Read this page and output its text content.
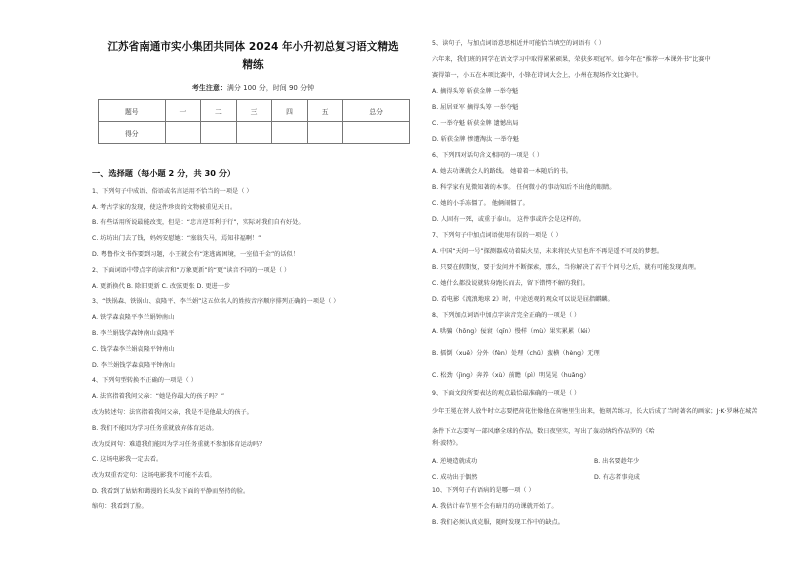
江苏省南通市实小集团共同体 2024 年小升初总复习语文精选
精练
考生注意：满分 100 分，时间 90 分钟
题号	一	二	三	四	五	总分
得分						
一、选择题（每小题 2 分，共 30 分）
1、下列句子中成语、俗语或名言运用不恰当的一项是（ ）
A. 考古学家的发现，使这件珍贵的文物被重见天日。
B. 有些话用所说最能改变，但是：“忠言逆耳利于行”，实际对我们自有好处。
C. 坊坊出门去了钱，妈妈安慰她：“塞翁失马，焉知非福啊！”
D. 粤鲁作文书作要到习题，小王就会有“迷逃离困境，一室值千金”的话似！
2、下面词语中带点字的读音和“万象更新”的“更”读音不同的一项是（ ）
A. 更新换代 B. 除旧更新 C. 改弦更张 D. 更进一步
3、“铁锅森、铁锅山、袁隆平、李兰娟”这五位名人的姓按音序顺序排列正确的一项是（ ）
A. 铁学森袁隆平李兰娟钟南山
B. 李兰娟钱学森钟南山袁隆平
C. 钱学森李兰娟袁隆平钟南山
D. 李兰娟钱学森袁隆平钟南山
4、下列句型转换不正确的一项是（ ）
A. 法官指着我问父亲：“她是你最大的孩子吗？”
改为转述句：法官指着我问父亲，我是不是他最大的孩子。
B. 我们不能因为学习任务重就放弃体育运动。
改为反问句：难道我们能因为学习任务重就不参加体育运动吗？
C. 这场电影我一定去看。
改为双重否定句：这场电影我不可能不去看。
D. 我看到了姑姑和蔼漫的长头发下面的平静而坚持的脸。
缩句：我看到了脸。
5、读句子，与加点词语意思相近并可能恰当填空的词语有（ ）
六年来，我们班的同学在语文学习中取得累累硕果，荣获多项冠军。如今年在“推荐一本课外书”比赛中
赛得第一，小五在本项比赛中，小锋在诗词大会上，小州在现场作文比赛中。
A. 摘得头筹 斩获金牌 一举夺魁
B. 屈居亚军 摘得头筹 一举夺魁
C. 一举夺魁 斩获金牌 遗憾出局
D. 斩获金牌 惨遭淘汰 一举夺魁
6、下列四对话句含义相同的一项是（ ）
A. 她去功课就会人的路线。 她着着一本随后的书。
B. 科学家有见微知著的本事。 任何微小的事动知后不出他的眼睛。
C. 她的小手冻僵了。 他俩闹僵了。
D. 人固有一死，或重于泰山。 这件事或许会是这样的。
7、下列句子中加点词语使用有误的一项是（ ）
A. 中国“天问一号”探测器成功着陆火星，未来将民火星也许不再是遥不可及的梦想。
B. 只要在假期复，要于发问并不断探索，那么，当你解决了若干个问号之后，就有可能发现真理。
C. 她什么都没说就转身跑长而去，留下错愕不解的我们。
D. 看电影《流浪地球 2》时，中途送观的观众可以说是屈指麒麟。
8、下列加点词语中加点字读音完全正确的一项是（ ）
A. 哄骗（hōng）佞衰（qīn）慢样（mù）果实累累（léi）
B. 擂倒（xuě）分外（fèn）处理（chǔ）蛮横（hèng）无理
C. 松劲（jìng）奔养（xù）前瞻（pì）明晃晃（huǎng）
9、下面文段所要表达的观点最恰最准确的一项是（ ）
少年王冕在替人放牛时立志要把荷花住像他在荷塘里生出来，他刻苦练习，长大后成了当时著名的画家；J·K·罗琳在城苦条件下立志要写一部风靡全球的作品，数日夜坚实，写出了轰动纳约作品罗的《哈
利·波特》。
A. 逆境造就成功	B. 出名要趁年少
C. 成功出于偶然	D. 有志者事竟成
10、下列句子有语病的是哪一项（ ）
A. 我估计春节里不会有暗月的功课就开始了。
B. 我们必须认真克服，随时发现工作中的缺点。
